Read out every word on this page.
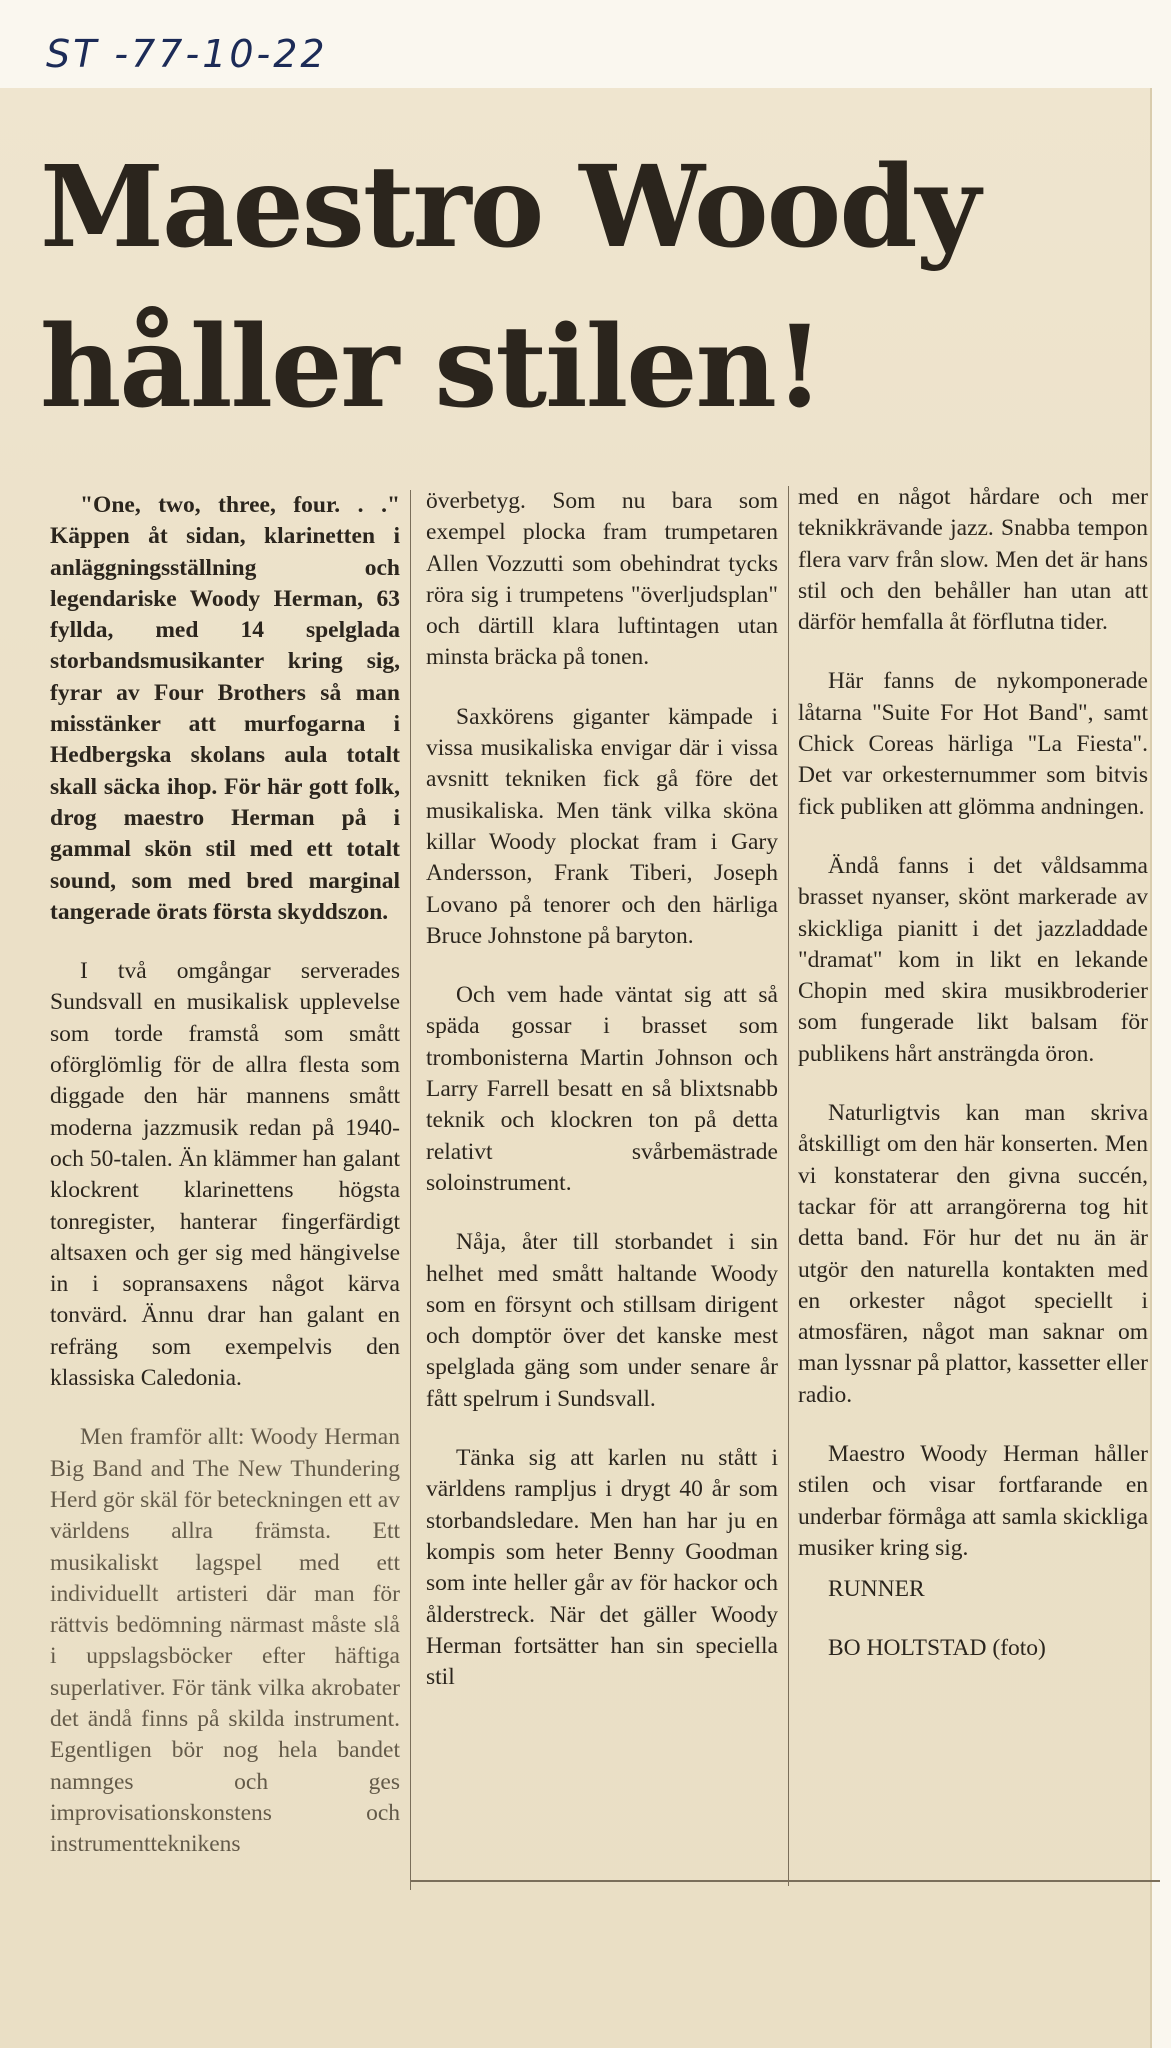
ST -77-10-22
Maestro Woody
håller stilen!

"One, two, three, four. . ." Käppen åt sidan, klarinetten i anläggningsställning och legendariske Woody Herman, 63 fyllda, med 14 spelglada storbandsmusikanter kring sig, fyrar av Four Brothers så man misstänker att murfogarna i Hedbergska skolans aula totalt skall säcka ihop. För här gott folk, drog maestro Herman på i gammal skön stil med ett totalt sound, som med bred marginal tangerade örats första skyddszon.

I två omgångar serverades Sundsvall en musikalisk upplevelse som torde framstå som smått oförglömlig för de allra flesta som diggade den här mannens smått moderna jazzmusik redan på 1940- och 50-talen. Än klämmer han galant klockrent klarinettens högsta tonregister, hanterar fingerfärdigt altsaxen och ger sig med hängivelse in i sopransaxens något kärva tonvärd. Ännu drar han galant en refräng som exempelvis den klassiska Caledonia.

Men framför allt: Woody Herman Big Band and The New Thundering Herd gör skäl för beteckningen ett av världens allra främsta. Ett musikaliskt lagspel med ett individuellt artisteri där man för rättvis bedömning närmast måste slå i uppslagsböcker efter häftiga superlativer. För tänk vilka akrobater det ändå finns på skilda instrument. Egentligen bör nog hela bandet namnges och ges improvisationskonstens och instrumentteknikens

överbetyg. Som nu bara som exempel plocka fram trumpetaren Allen Vozzutti som obehindrat tycks röra sig i trumpetens "överljudsplan" och därtill klara luftintagen utan minsta bräcka på tonen.

Saxkörens giganter kämpade i vissa musikaliska envigar där i vissa avsnitt tekniken fick gå före det musikaliska. Men tänk vilka sköna killar Woody plockat fram i Gary Andersson, Frank Tiberi, Joseph Lovano på tenorer och den härliga Bruce Johnstone på baryton.

Och vem hade väntat sig att så späda gossar i brasset som trombonisterna Martin Johnson och Larry Farrell besatt en så blixtsnabb teknik och klockren ton på detta relativt svårbemästrade soloinstrument.

Nåja, åter till storbandet i sin helhet med smått haltande Woody som en försynt och stillsam dirigent och domptör över det kanske mest spelglada gäng som under senare år fått spelrum i Sundsvall.

Tänka sig att karlen nu stått i världens rampljus i drygt 40 år som storbandsledare. Men han har ju en kompis som heter Benny Goodman som inte heller går av för hackor och ålderstreck. När det gäller Woody Herman fortsätter han sin speciella stil

med en något hårdare och mer teknikkrävande jazz. Snabba tempon flera varv från slow. Men det är hans stil och den behåller han utan att därför hemfalla åt förflutna tider.

Här fanns de nykomponerade låtarna "Suite For Hot Band", samt Chick Coreas härliga "La Fiesta". Det var orkesternummer som bitvis fick publiken att glömma andningen.

Ändå fanns i det våldsamma brasset nyanser, skönt markerade av skickliga pianitt i det jazzladdade "dramat" kom in likt en lekande Chopin med skira musikbroderier som fungerade likt balsam för publikens hårt ansträngda öron.

Naturligtvis kan man skriva åtskilligt om den här konserten. Men vi konstaterar den givna succén, tackar för att arrangörerna tog hit detta band. För hur det nu än är utgör den naturella kontakten med en orkester något speciellt i atmosfären, något man saknar om man lyssnar på plattor, kassetter eller radio.

Maestro Woody Herman håller stilen och visar fortfarande en underbar förmåga att samla skickliga musiker kring sig.

RUNNER

BO HOLTSTAD (foto)
